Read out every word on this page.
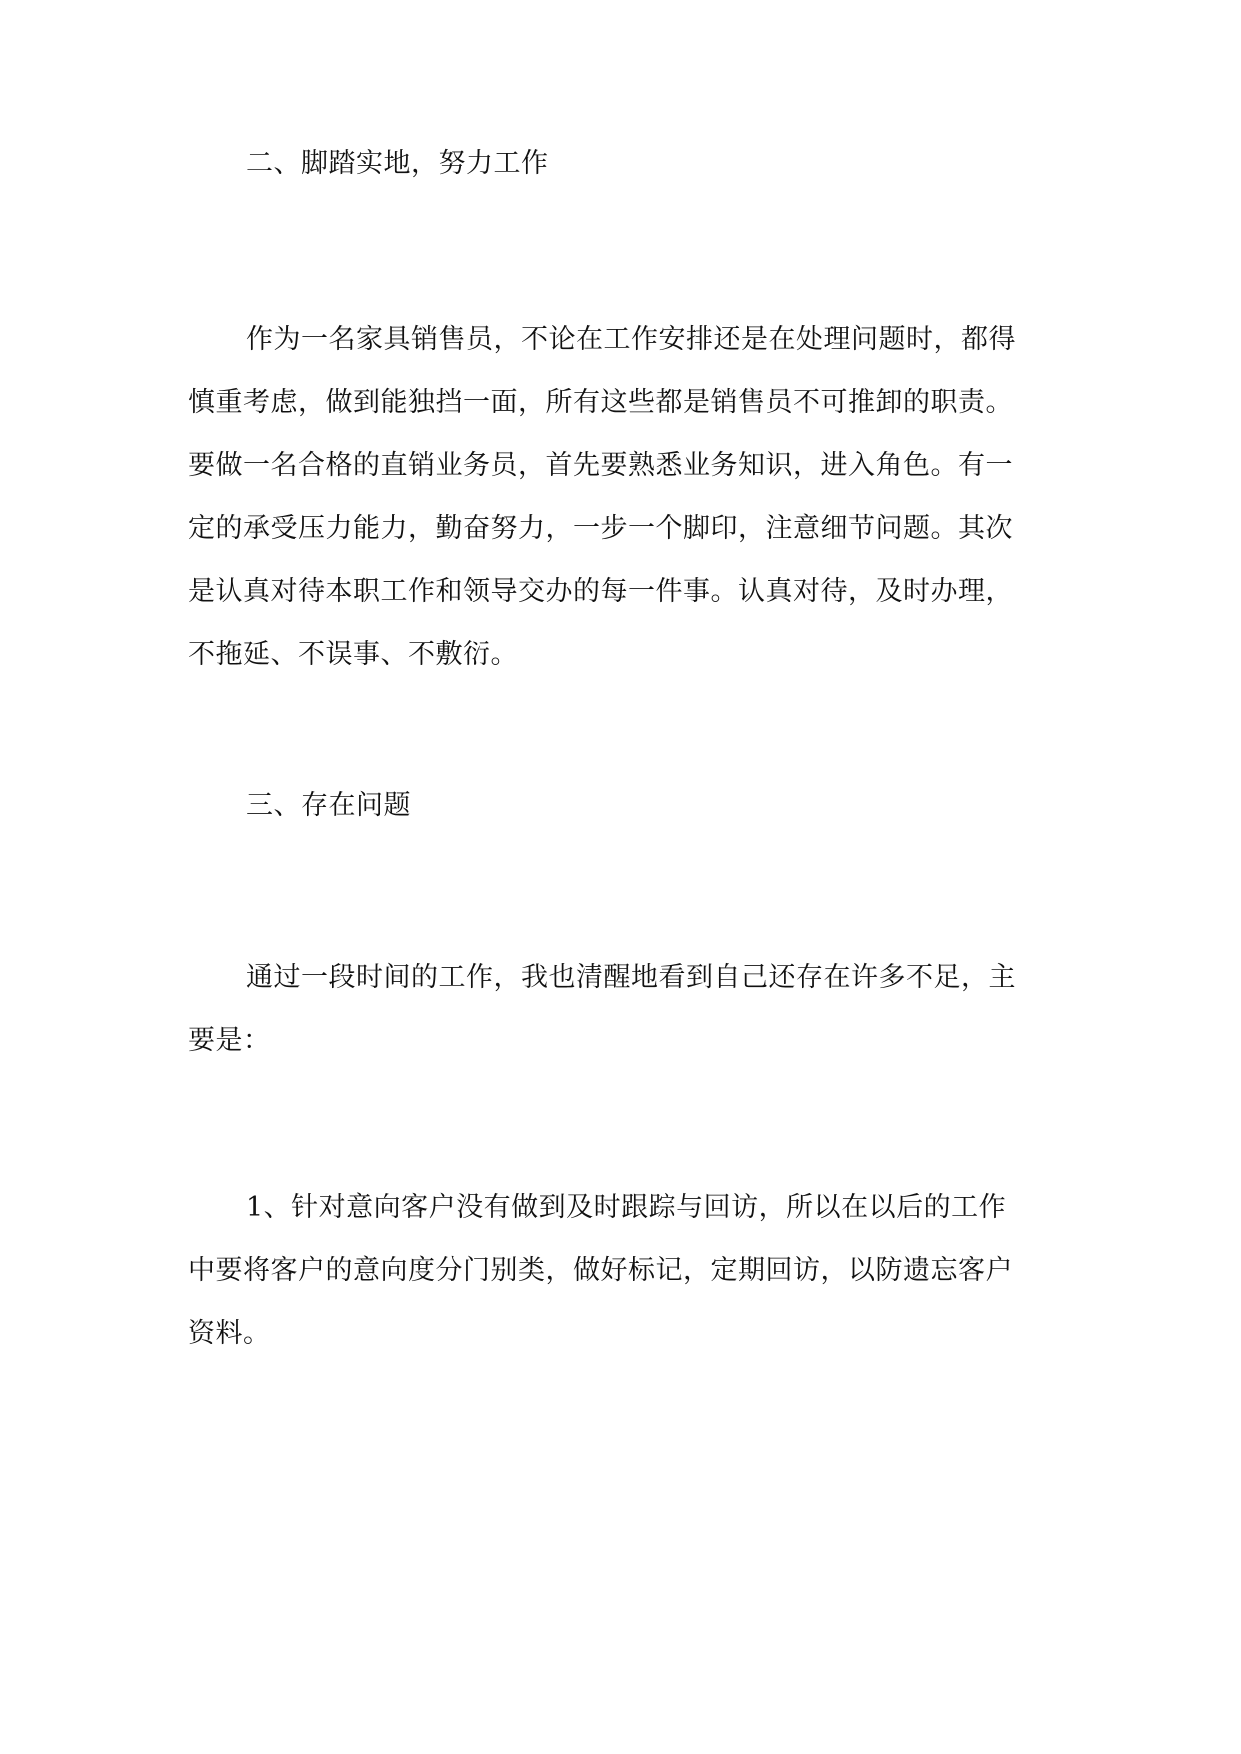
二、脚踏实地，努力工作
作为一名家具销售员，不论在工作安排还是在处理问题时，都得
慎重考虑，做到能独挡一面，所有这些都是销售员不可推卸的职责。
要做一名合格的直销业务员，首先要熟悉业务知识，进入角色。有一
定的承受压力能力，勤奋努力，一步一个脚印，注意细节问题。其次
是认真对待本职工作和领导交办的每一件事。认真对待，及时办理，
不拖延、不误事、不敷衍。
三、存在问题
通过一段时间的工作，我也清醒地看到自己还存在许多不足，主
要是：
1、针对意向客户没有做到及时跟踪与回访，所以在以后的工作
中要将客户的意向度分门别类，做好标记，定期回访，以防遗忘客户
资料。
